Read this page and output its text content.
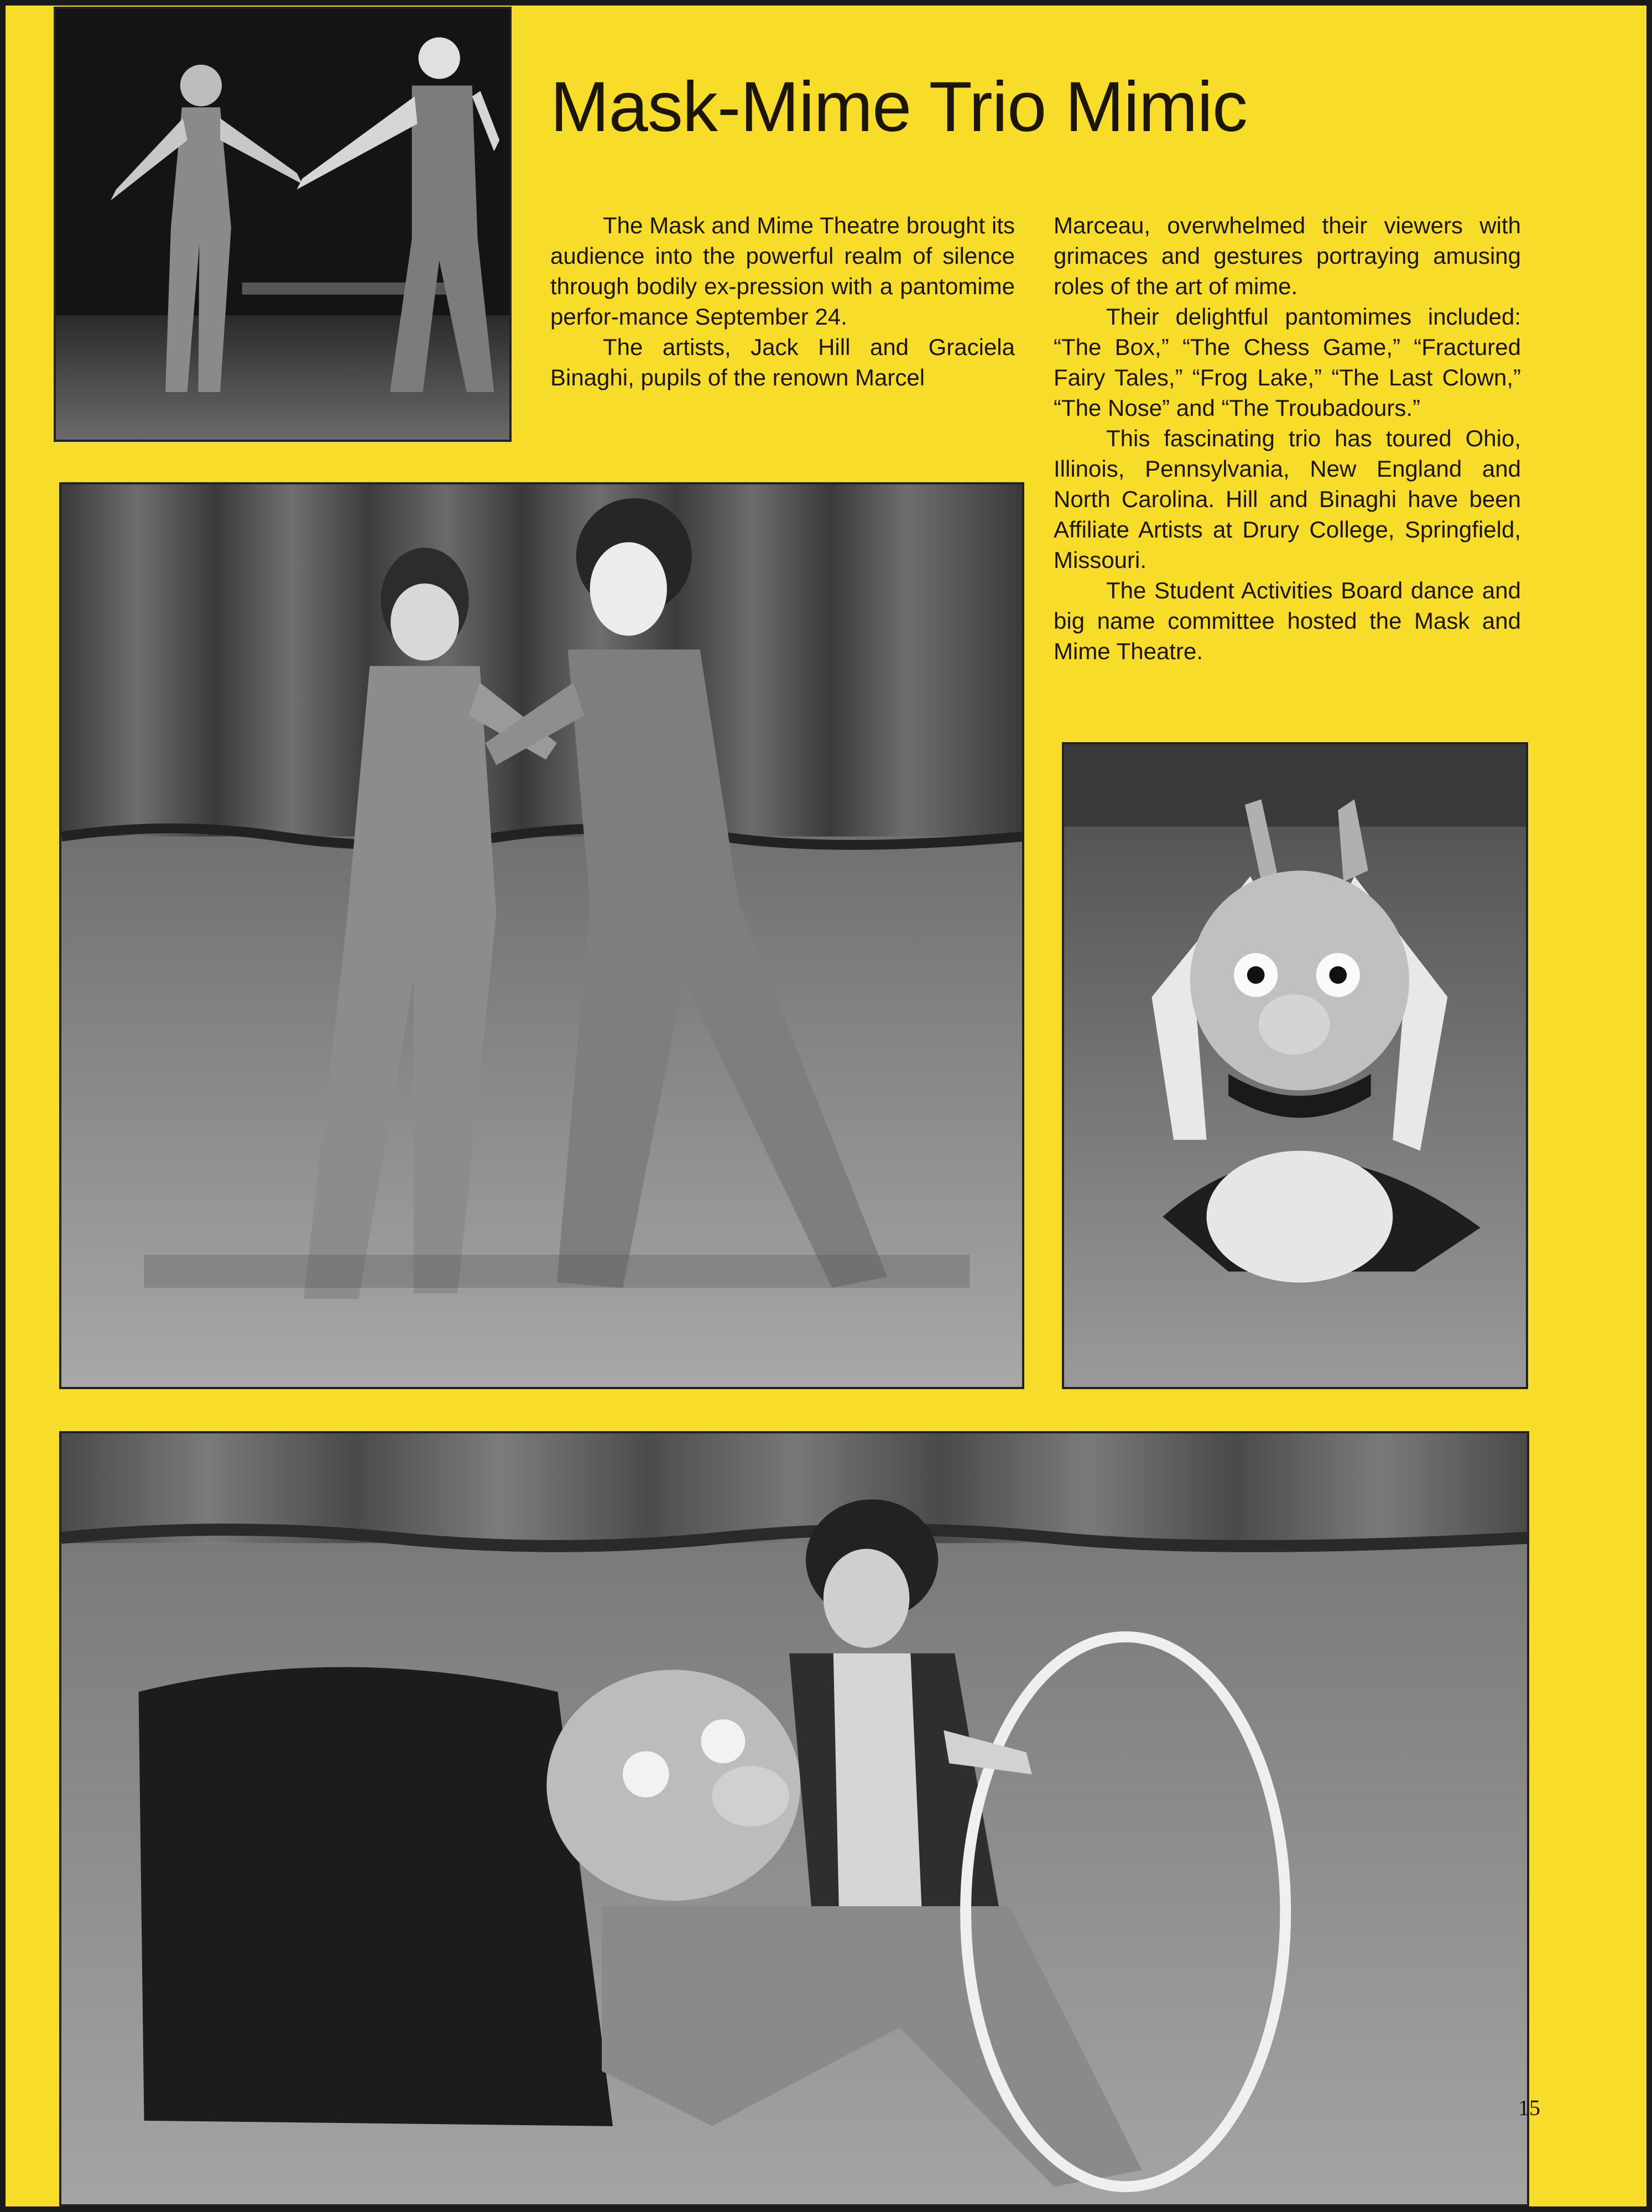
Mask-Mime Trio Mimic

The Mask and Mime Theatre brought its audience into the powerful realm of silence through bodily ex-pression with a pantomime perfor-mance September 24.

The artists, Jack Hill and Graciela Binaghi, pupils of the renown Marcel

Marceau, overwhelmed their viewers with grimaces and gestures portraying amusing roles of the art of mime.

Their delightful pantomimes included: “The Box,” “The Chess Game,” “Fractured Fairy Tales,” “Frog Lake,” “The Last Clown,” “The Nose” and “The Troubadours.”

This fascinating trio has toured Ohio, Illinois, Pennsylvania, New England and North Carolina. Hill and Binaghi have been Affiliate Artists at Drury College, Springfield, Missouri.

The Student Activities Board dance and big name committee hosted the Mask and Mime Theatre.

15
